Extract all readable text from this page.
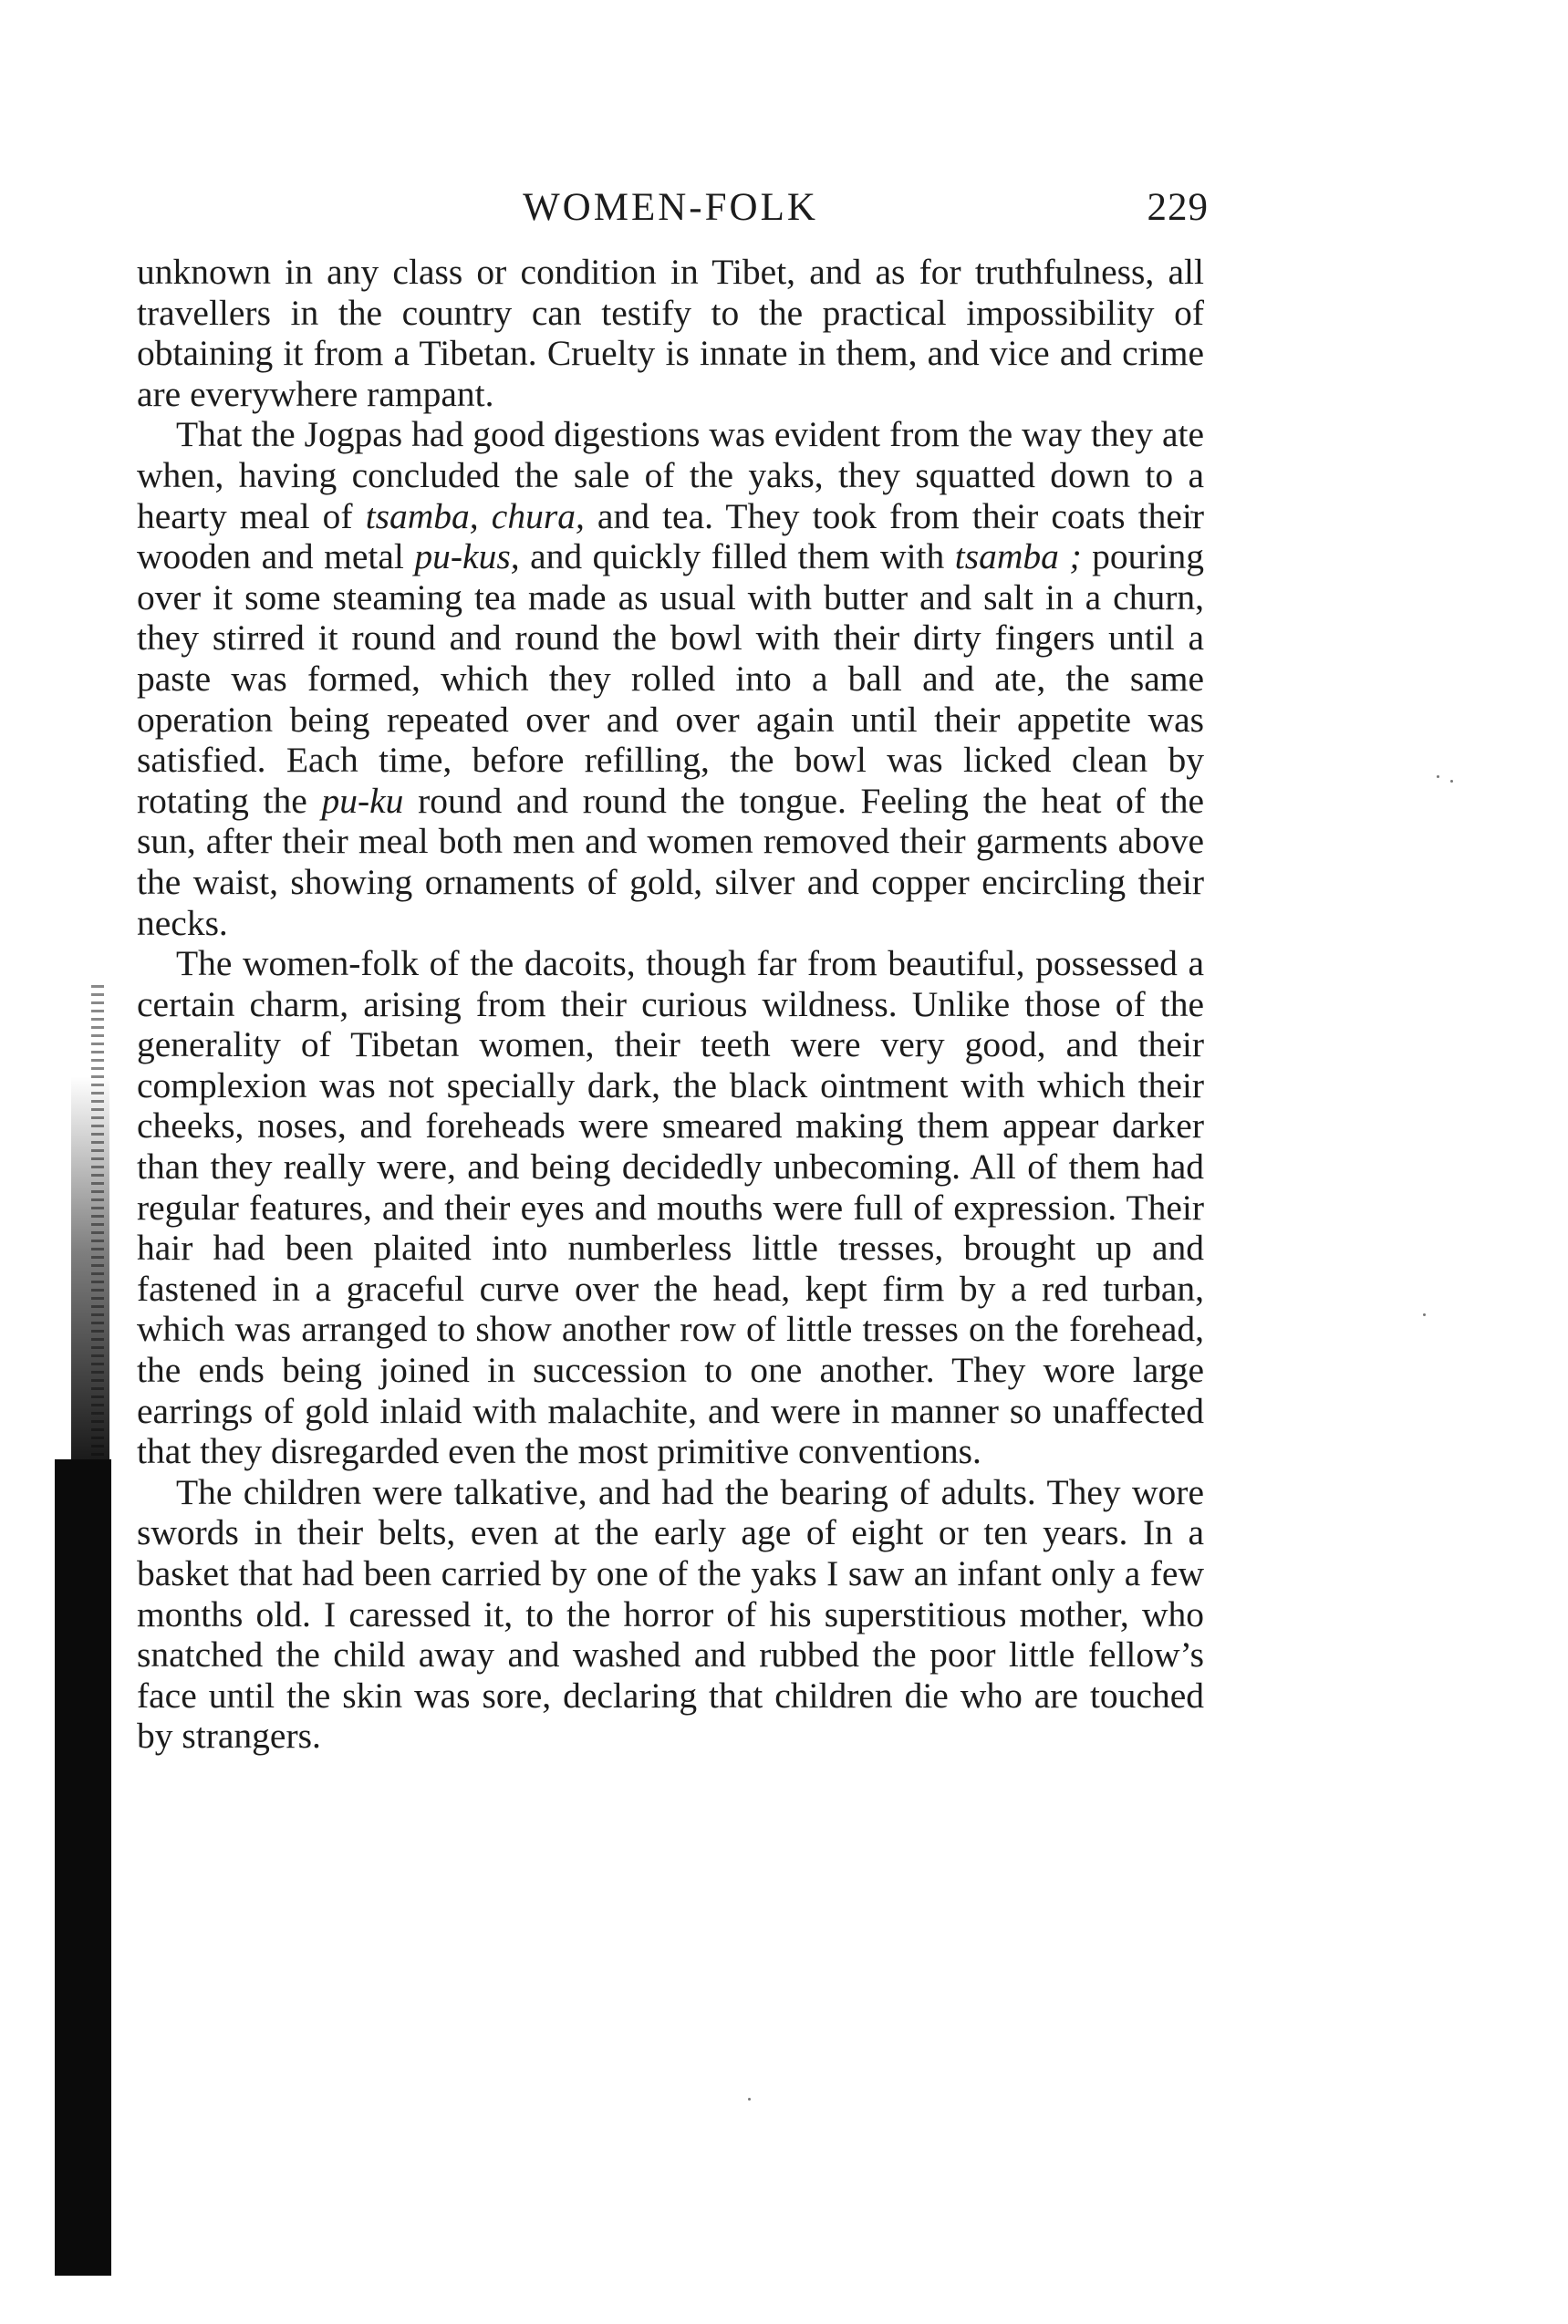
WOMEN-FOLK	229

unknown in any class or condition in Tibet, and as for truthfulness, all travellers in the country can testify to the practical impossibility of obtaining it from a Tibetan. Cruelty is innate in them, and vice and crime are everywhere rampant.

That the Jogpas had good digestions was evident from the way they ate when, having concluded the sale of the yaks, they squatted down to a hearty meal of tsamba, chura, and tea. They took from their coats their wooden and metal pu-kus, and quickly filled them with tsamba ; pouring over it some steaming tea made as usual with butter and salt in a churn, they stirred it round and round the bowl with their dirty fingers until a paste was formed, which they rolled into a ball and ate, the same operation being repeated over and over again until their appetite was satisfied. Each time, before refilling, the bowl was licked clean by rotating the pu-ku round and round the tongue. Feeling the heat of the sun, after their meal both men and women removed their garments above the waist, showing ornaments of gold, silver and copper encircling their necks.

The women-folk of the dacoits, though far from beautiful, possessed a certain charm, arising from their curious wildness. Unlike those of the generality of Tibetan women, their teeth were very good, and their complexion was not specially dark, the black ointment with which their cheeks, noses, and foreheads were smeared making them appear darker than they really were, and being decidedly unbecoming. All of them had regular features, and their eyes and mouths were full of expression. Their hair had been plaited into numberless little tresses, brought up and fastened in a graceful curve over the head, kept firm by a red turban, which was arranged to show another row of little tresses on the forehead, the ends being joined in succession to one another. They wore large earrings of gold inlaid with malachite, and were in manner so unaffected that they disregarded even the most primitive conventions.

The children were talkative, and had the bearing of adults. They wore swords in their belts, even at the early age of eight or ten years. In a basket that had been carried by one of the yaks I saw an infant only a few months old. I caressed it, to the horror of his superstitious mother, who snatched the child away and washed and rubbed the poor little fellow’s face until the skin was sore, declaring that children die who are touched by strangers.
